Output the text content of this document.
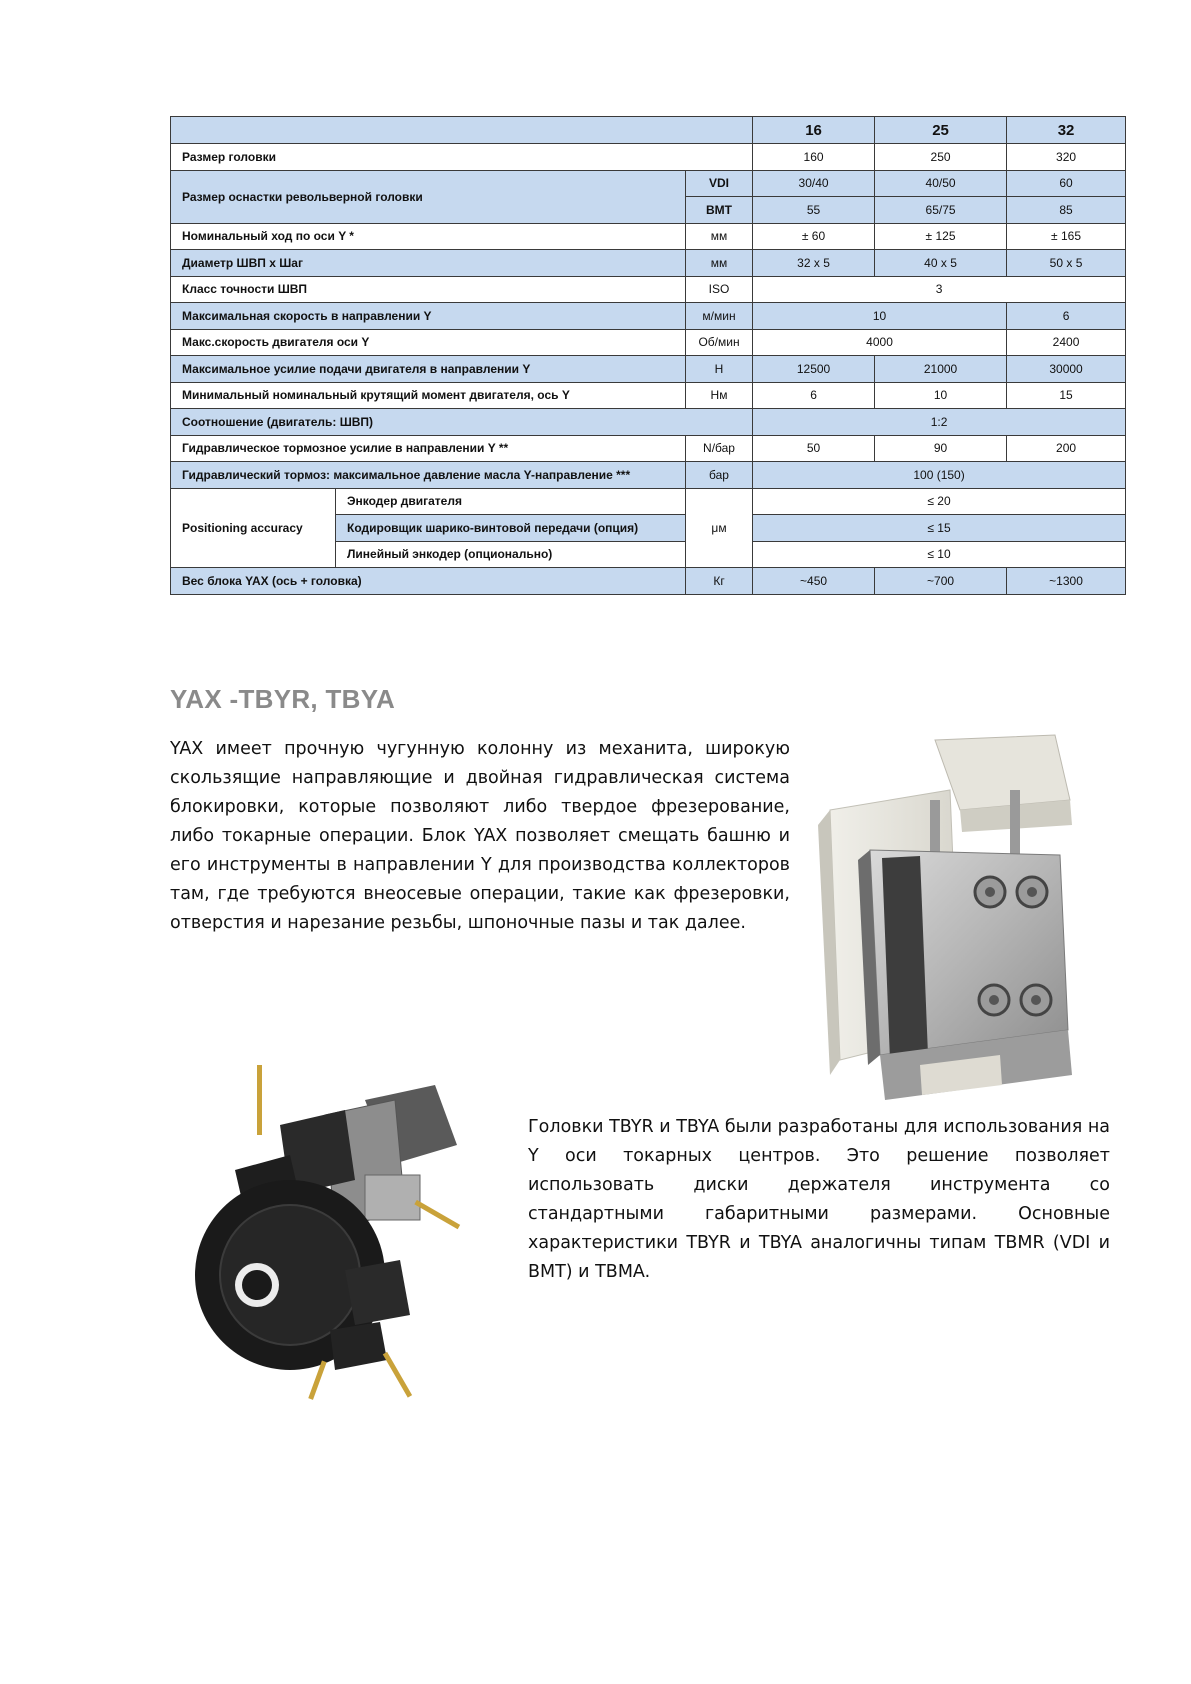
			16	25	32
Размер головки			160	250	320
Размер оснастки револьверной головки		VDI	30/40	40/50	60
		BMT	55	65/75	85
Номинальный ход по оси Y *		мм	± 60	± 125	± 165
Диаметр ШВП x Шаг		мм	32 x 5	40 x 5	50 x 5
Класс точности ШВП		ISO	3		
Максимальная скорость в направлении Y		м/мин	10		6
Макс.скорость двигателя оси Y		Об/мин	4000		2400
Максимальное усилие подачи двигателя в направлении Y		Н	12500	21000	30000
Минимальный номинальный крутящий момент двигателя, ось Y		Нм	6	10	15
Соотношение (двигатель: ШВП)			1:2		
Гидравлическое тормозное усилие в направлении Y **		N/бар	50	90	200
Гидравлический тормоз: максимальное давление масла Y-направление ***		бар	100 (150)		
Positioning accuracy	Энкодер двигателя	μм	≤ 20		
	Кодировщик шарико-винтовой передачи (опция)		≤ 15		
	Линейный энкодер (опционально)		≤ 10		
Вес блока YAX (ось + головка)		Кг	~450	~700	~1300
YAX -TBYR, TBYA

YAX имеет прочную чугунную колонну из механита, широкую скользящие направляющие и двойная гидравлическая система блокировки, которые позволяют либо твердое фрезерование, либо токарные операции. Блок YAX позволяет смещать башню и его инструменты в направлении Y для производства коллекторов там, где требуются внеосевые операции, такие как фрезеровки, отверстия и нарезание резьбы, шпоночные пазы и так далее.

Головки TBYR и TBYA были разработаны для использования на Y оси токарных центров. Это решение позволяет использовать диски держателя инструмента со стандартными габаритными размерами. Основные характеристики TBYR и TBYA аналогичны типам TBMR (VDI и BMT) и TBMA.
